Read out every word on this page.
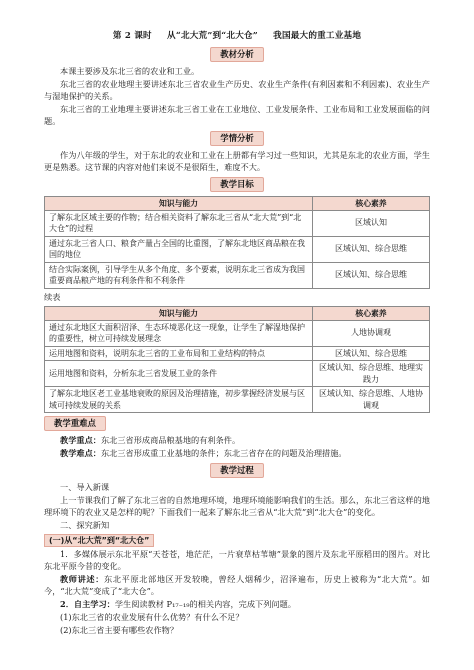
第 2 课时 从“北大荒”到“北大仓” 我国最大的重工业基地
教材分析

本课主要涉及东北三省的农业和工业。

东北三省的农业地理主要讲述东北三省农业生产历史、农业生产条件(有利因素和不利因素)、农业生产与湿地保护的关系。

东北三省的工业地理主要讲述东北三省工业在工业地位、工业发展条件、工业布局和工业发展面临的问题。

学情分析

作为八年级的学生，对于东北的农业和工业在上册都有学习过一些知识，尤其是东北的农业方面，学生更是熟悉。这节课的内容对他们来说不是很陌生，难度不大。

教学目标
知识与能力	核心素养
了解东北区域主要的作物；结合相关资料了解东北三省从“北大荒”到“北大仓”的过程	区域认知
通过东北三省人口、粮食产量占全国的比重图，了解东北地区商品粮在我国的地位	区域认知、综合思维
结合实际案例，引导学生从多个角度、多个要素，说明东北三省成为我国重要商品粮产地的有利条件和不利条件	区域认知、综合思维

续表

知识与能力	核心素养
通过东北地区大面积沼泽、生态环境恶化这一现象，让学生了解湿地保护的重要性，树立可持续发展理念	人地协调观
运用地图和资料，说明东北三省的工业布局和工业结构的特点	区域认知、综合思维
运用地图和资料，分析东北三省发展工业的条件	区域认知、综合思维、地理实践力
了解东北地区老工业基地衰败的原因及治理措施，初步掌握经济发展与区域可持续发展的关系	区域认知、综合思维、人地协调观
教学重难点

教学重点：东北三省形成商品粮基地的有利条件。

教学难点：东北三省形成重工业基地的条件；东北三省存在的问题及治理措施。

教学过程

一、导入新课

上一节课我们了解了东北三省的自然地理环境，地理环境能影响我们的生活。那么，东北三省这样的地理环境下的农业又是怎样的呢？下面我们一起来了解东北三省从“北大荒”到“北大仓”的变化。

二、探究新知

(一)从“北大荒”到“北大仓”

1．多媒体展示东北平原“天苍苍，地茫茫，一片衰草枯苇塘”景象的图片及东北平原稻田的图片。对比东北平原今昔的变化。

教师讲述：东北平原北部地区开发较晚，曾经人烟稀少，沼泽遍布，历史上被称为“北大荒”。如今，“北大荒”变成了“北大仓”。

2．自主学习：学生阅读教材 P₁₇₋₁₉的相关内容，完成下列问题。

(1)东北三省的农业发展有什么优势？有什么不足？

(2)东北三省主要有哪些农作物？
